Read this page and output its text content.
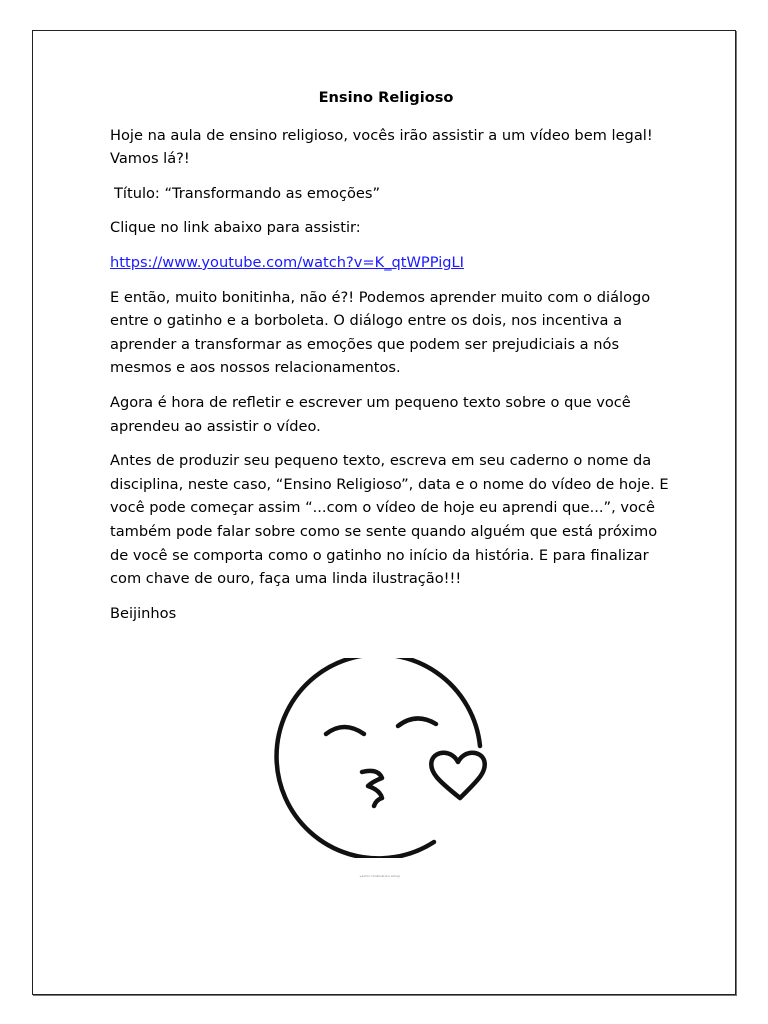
Ensino Religioso

Hoje na aula de ensino religioso, vocês irão assistir a um vídeo bem legal! Vamos lá?!

Título: “Transformando as emoções”

Clique no link abaixo para assistir:

https://www.youtube.com/watch?v=K_qtWPPigLI

E então, muito bonitinha, não é?! Podemos aprender muito com o diálogo entre o gatinho e a borboleta. O diálogo entre os dois, nos incentiva a aprender a transformar as emoções que podem ser prejudiciais a nós mesmos e aos nossos relacionamentos.

Agora é hora de refletir e escrever um pequeno texto sobre o que você aprendeu ao assistir o vídeo.

Antes de produzir seu pequeno texto, escreva em seu caderno o nome da disciplina, neste caso, “Ensino Religioso”, data e o nome do vídeo de hoje. E você pode começar assim “...com o vídeo de hoje eu aprendi que...”, você também pode falar sobre como se sente quando alguém que está próximo de você se comporta como o gatinho no início da história. E para finalizar com chave de ouro, faça uma linda ilustração!!!

Beijinhos

vector illustration emoji
